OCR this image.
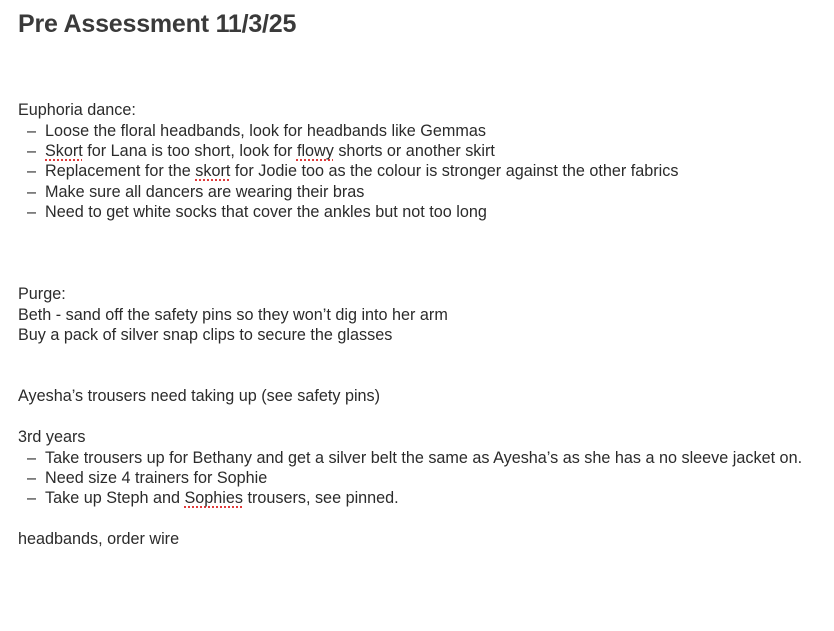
Pre Assessment 11/3/25
Euphoria dance:
– Loose the floral headbands, look for headbands like Gemmas
– Skort for Lana is too short, look for flowy shorts or another skirt
– Replacement for the skort for Jodie too as the colour is stronger against the other fabrics
– Make sure all dancers are wearing their bras
– Need to get white socks that cover the ankles but not too long
Purge:
Beth - sand off the safety pins so they won’t dig into her arm
Buy a pack of silver snap clips to secure the glasses
Ayesha’s trousers need taking up (see safety pins)
3rd years
– Take trousers up for Bethany and get a silver belt the same as Ayesha’s as she has a no sleeve jacket on.
– Need size 4 trainers for Sophie
– Take up Steph and Sophies trousers, see pinned.
headbands, order wire
